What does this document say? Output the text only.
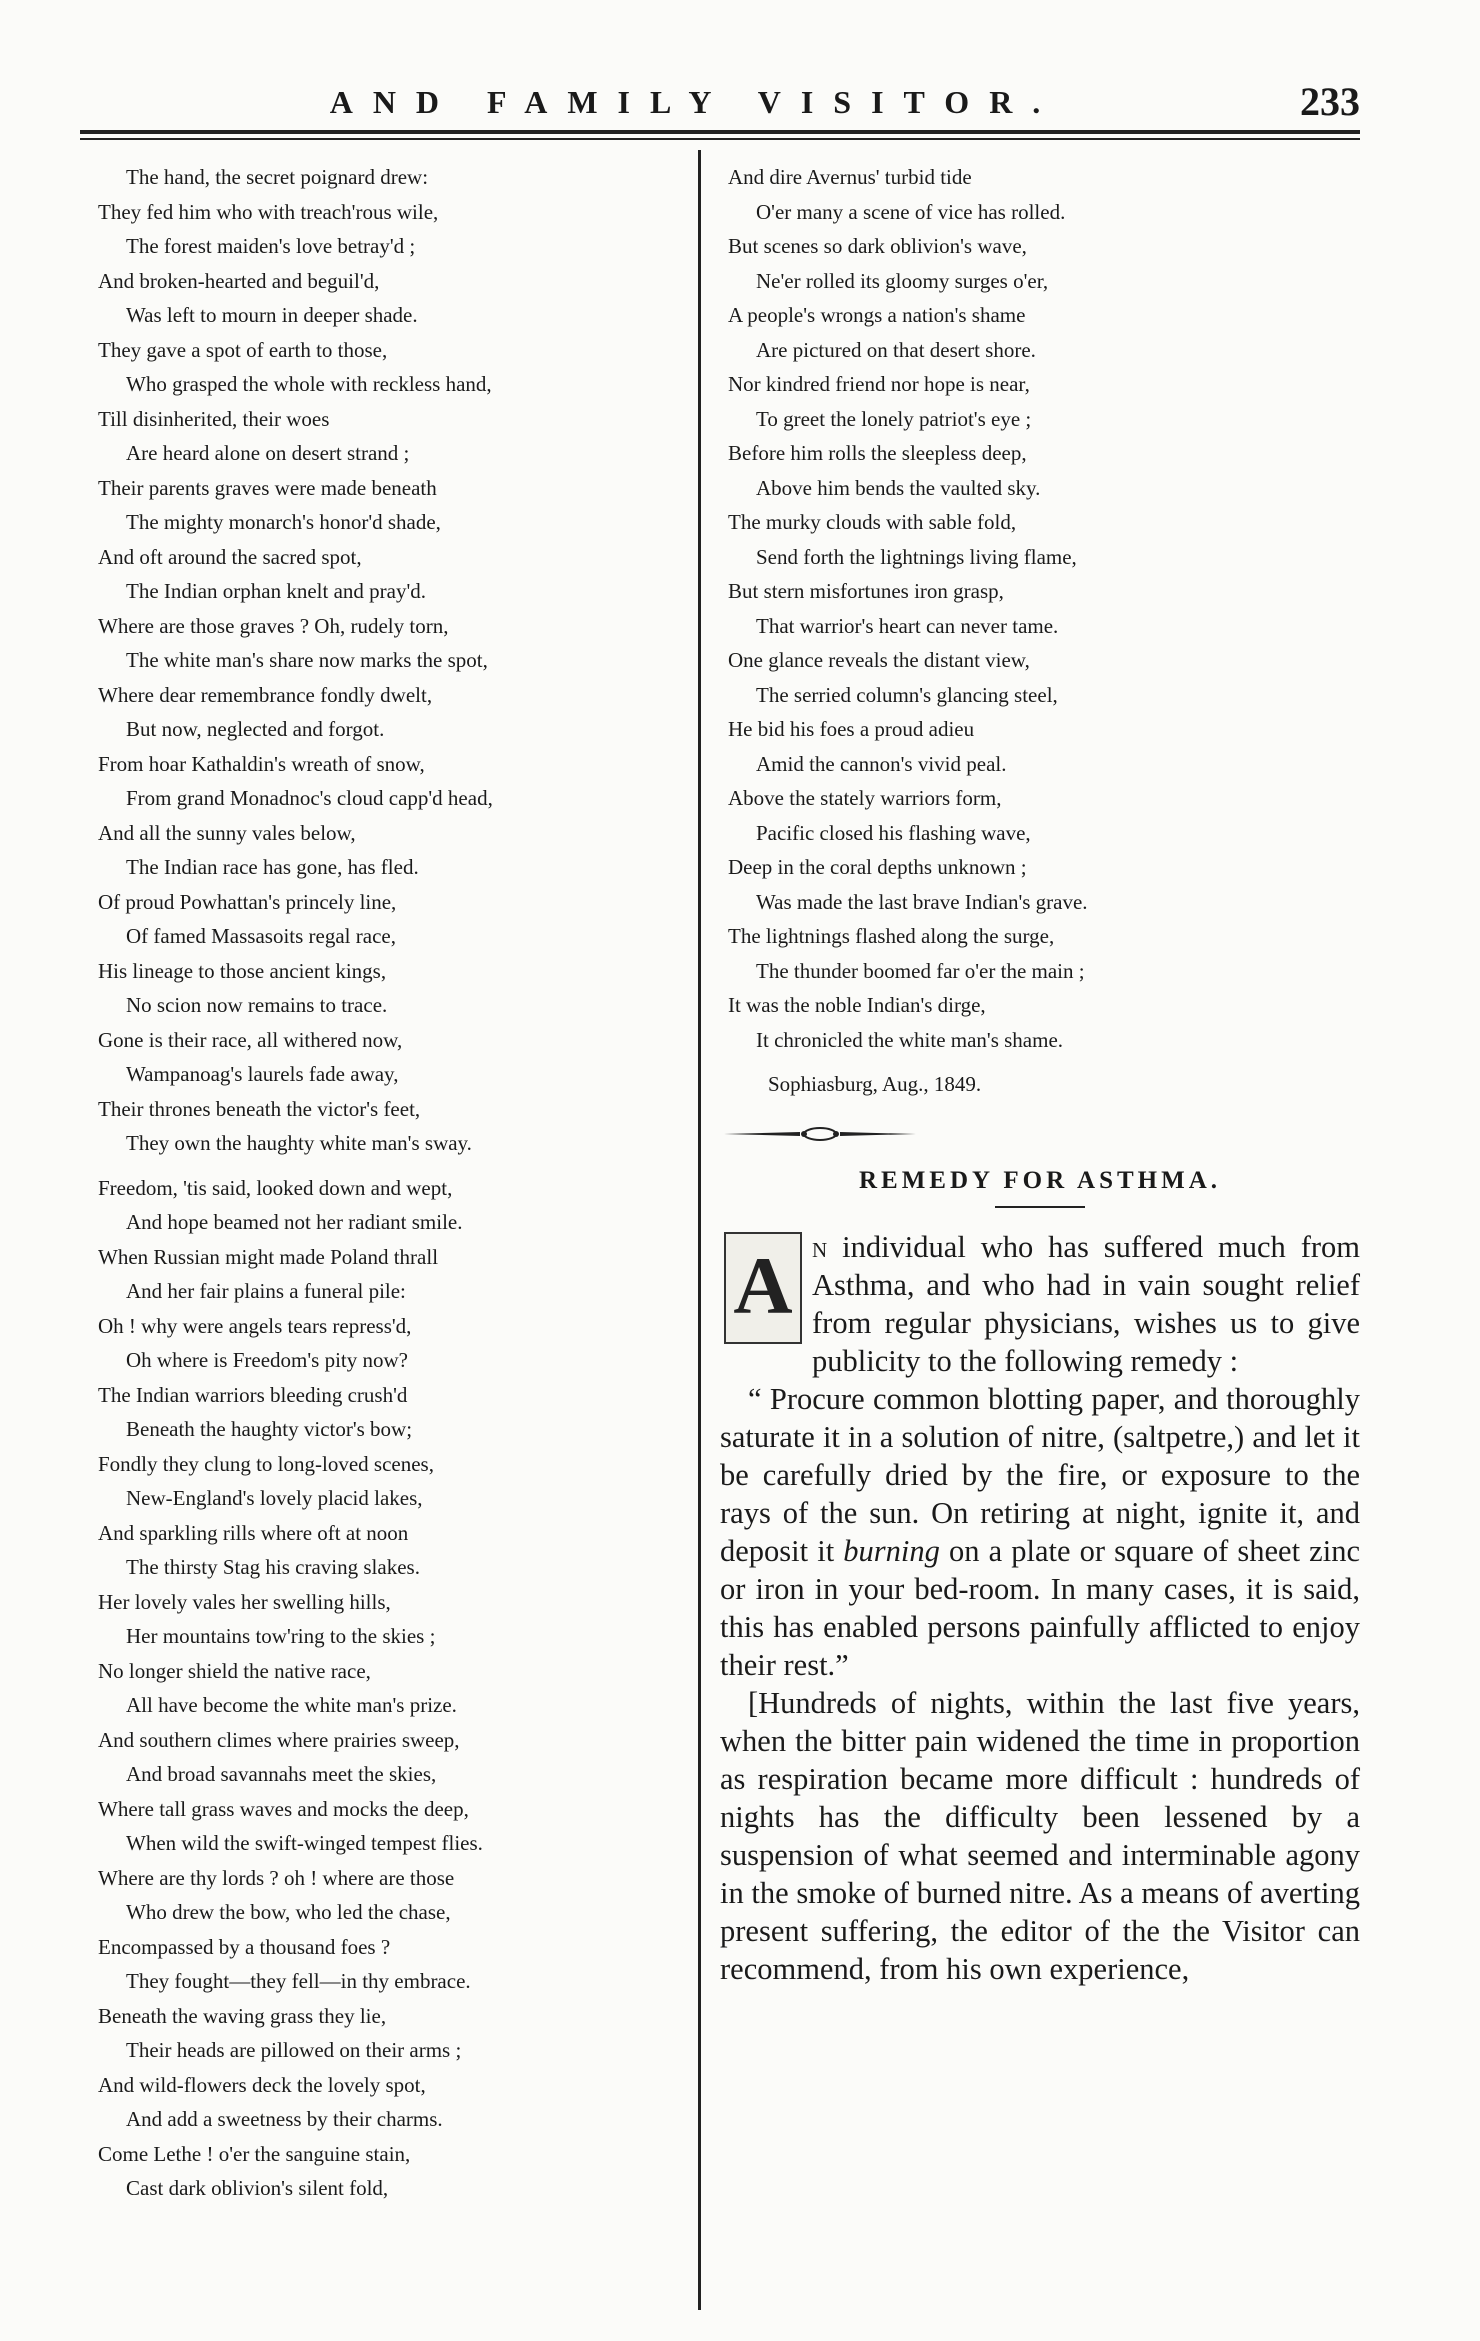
AND FAMILY VISITOR.	233
The hand, the secret poignard drew:
They fed him who with treach'rous wile,
The forest maiden's love betray'd ;
And broken-hearted and beguil'd,
Was left to mourn in deeper shade.
They gave a spot of earth to those,
Who grasped the whole with reckless hand,
Till disinherited, their woes
Are heard alone on desert strand ;
Their parents graves were made beneath
The mighty monarch's honor'd shade,
And oft around the sacred spot,
The Indian orphan knelt and pray'd.
Where are those graves ? Oh, rudely torn,
The white man's share now marks the spot,
Where dear remembrance fondly dwelt,
But now, neglected and forgot.
From hoar Kathaldin's wreath of snow,
From grand Monadnoc's cloud capp'd head,
And all the sunny vales below,
The Indian race has gone, has fled.
Of proud Powhattan's princely line,
Of famed Massasoits regal race,
His lineage to those ancient kings,
No scion now remains to trace.
Gone is their race, all withered now,
Wampanoag's laurels fade away,
Their thrones beneath the victor's feet,
They own the haughty white man's sway.
Freedom, 'tis said, looked down and wept,
And hope beamed not her radiant smile.
When Russian might made Poland thrall
And her fair plains a funeral pile:
Oh ! why were angels tears repress'd,
Oh where is Freedom's pity now?
The Indian warriors bleeding crush'd
Beneath the haughty victor's bow;
Fondly they clung to long-loved scenes,
New-England's lovely placid lakes,
And sparkling rills where oft at noon
The thirsty Stag his craving slakes.
Her lovely vales her swelling hills,
Her mountains tow'ring to the skies ;
No longer shield the native race,
All have become the white man's prize.
And southern climes where prairies sweep,
And broad savannahs meet the skies,
Where tall grass waves and mocks the deep,
When wild the swift-winged tempest flies.
Where are thy lords ? oh ! where are those
Who drew the bow, who led the chase,
Encompassed by a thousand foes ?
They fought—they fell—in thy embrace.
Beneath the waving grass they lie,
Their heads are pillowed on their arms ;
And wild-flowers deck the lovely spot,
And add a sweetness by their charms.
Come Lethe ! o'er the sanguine stain,
Cast dark oblivion's silent fold,
And dire Avernus' turbid tide
O'er many a scene of vice has rolled.
But scenes so dark oblivion's wave,
Ne'er rolled its gloomy surges o'er,
A people's wrongs a nation's shame
Are pictured on that desert shore.
Nor kindred friend nor hope is near,
To greet the lonely patriot's eye ;
Before him rolls the sleepless deep,
Above him bends the vaulted sky.
The murky clouds with sable fold,
Send forth the lightnings living flame,
But stern misfortunes iron grasp,
That warrior's heart can never tame.
One glance reveals the distant view,
The serried column's glancing steel,
He bid his foes a proud adieu
Amid the cannon's vivid peal.
Above the stately warriors form,
Pacific closed his flashing wave,
Deep in the coral depths unknown ;
Was made the last brave Indian's grave.
The lightnings flashed along the surge,
The thunder boomed far o'er the main ;
It was the noble Indian's dirge,
It chronicled the white man's shame.
Sophiasburg, Aug., 1849.
REMEDY FOR ASTHMA.

A n individual who has suffered much from Asthma, and who had in vain sought relief from regular physicians, wishes us to give publicity to the following remedy :

“ Procure common blotting paper, and thoroughly saturate it in a solution of nitre, (saltpetre,) and let it be carefully dried by the fire, or exposure to the rays of the sun. On retiring at night, ignite it, and deposit it burning on a plate or square of sheet zinc or iron in your bed-room. In many cases, it is said, this has enabled persons painfully afflicted to enjoy their rest.”

[Hundreds of nights, within the last five years, when the bitter pain widened the time in proportion as respiration became more difficult : hundreds of nights has the difficulty been lessened by a suspension of what seemed and interminable agony in the smoke of burned nitre. As a means of averting present suffering, the editor of the the Visitor can recommend, from his own experience,
